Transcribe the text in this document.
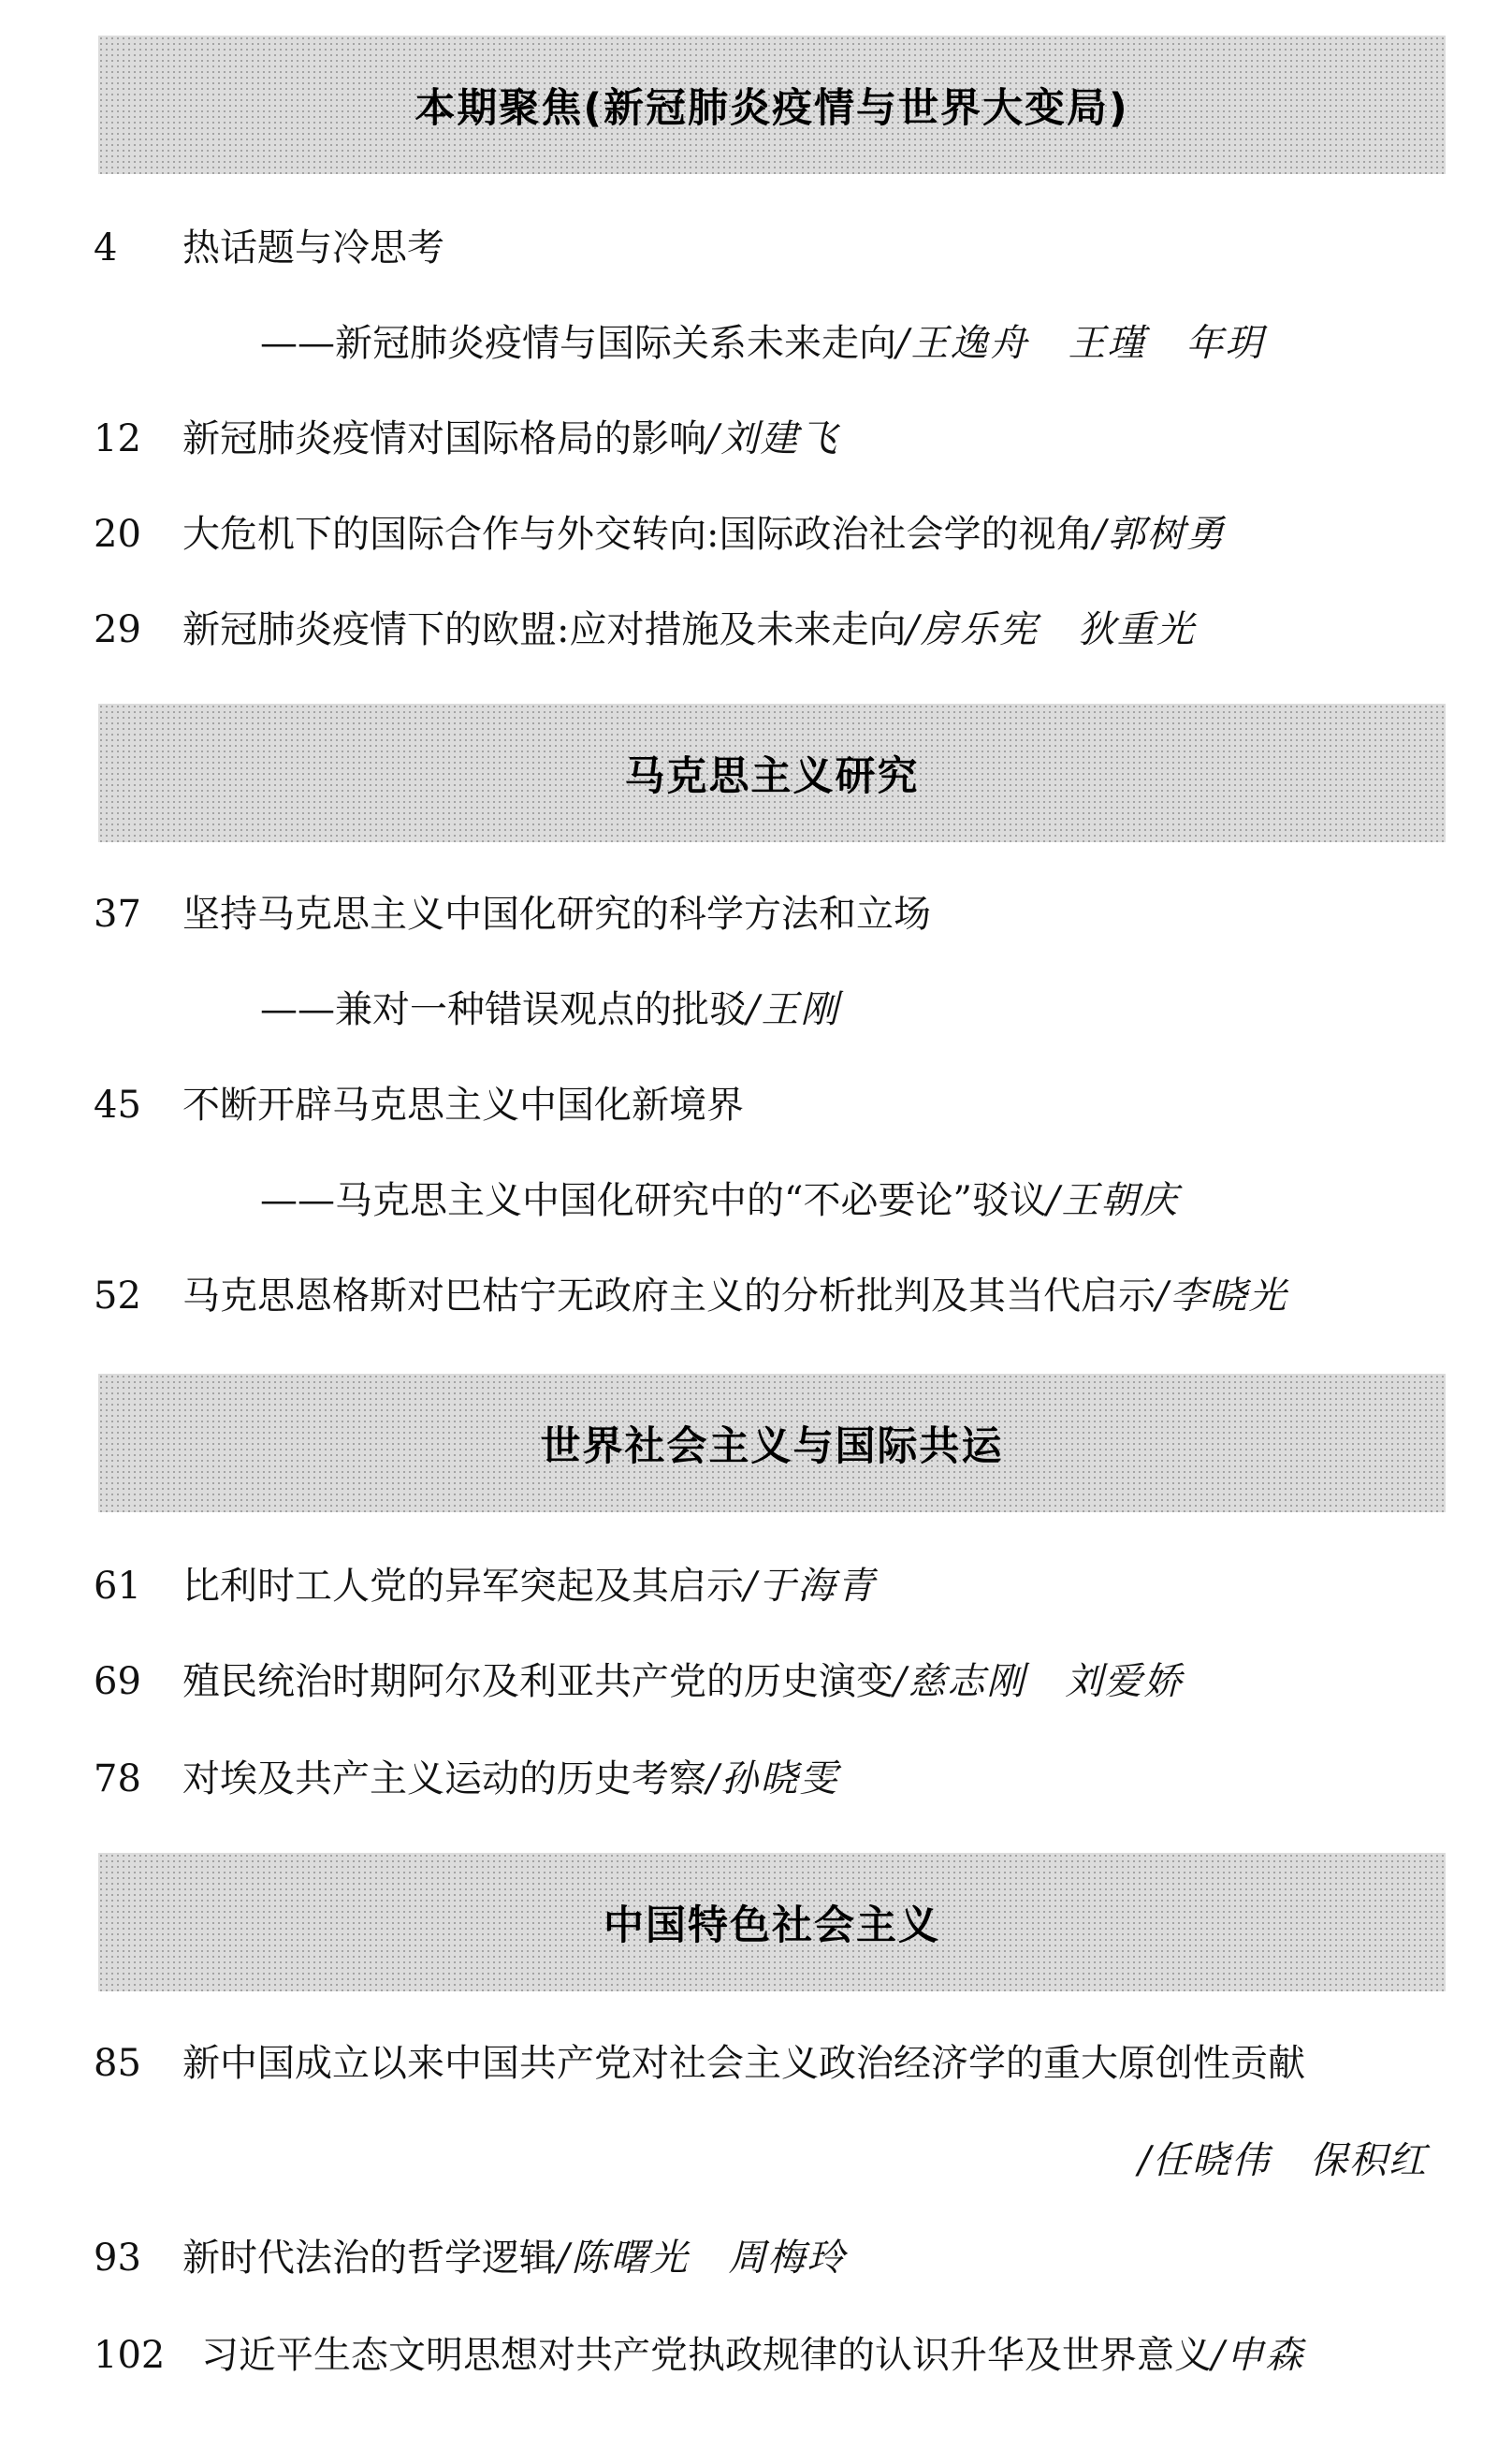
本期聚焦(新冠肺炎疫情与世界大变局)
4 热话题与冷思考
——新冠肺炎疫情与国际关系未来走向/王逸舟　王瑾　年玥
12 新冠肺炎疫情对国际格局的影响/刘建飞
20 大危机下的国际合作与外交转向:国际政治社会学的视角/郭树勇
29 新冠肺炎疫情下的欧盟:应对措施及未来走向/房乐宪　狄重光
马克思主义研究
37 坚持马克思主义中国化研究的科学方法和立场
——兼对一种错误观点的批驳/王刚
45 不断开辟马克思主义中国化新境界
——马克思主义中国化研究中的“不必要论”驳议/王朝庆
52 马克思恩格斯对巴枯宁无政府主义的分析批判及其当代启示/李晓光
世界社会主义与国际共运
61 比利时工人党的异军突起及其启示/于海青
69 殖民统治时期阿尔及利亚共产党的历史演变/慈志刚　刘爱娇
78 对埃及共产主义运动的历史考察/孙晓雯
中国特色社会主义
85 新中国成立以来中国共产党对社会主义政治经济学的重大原创性贡献
/任晓伟　保积红
93 新时代法治的哲学逻辑/陈曙光　周梅玲
102 习近平生态文明思想对共产党执政规律的认识升华及世界意义/申森
